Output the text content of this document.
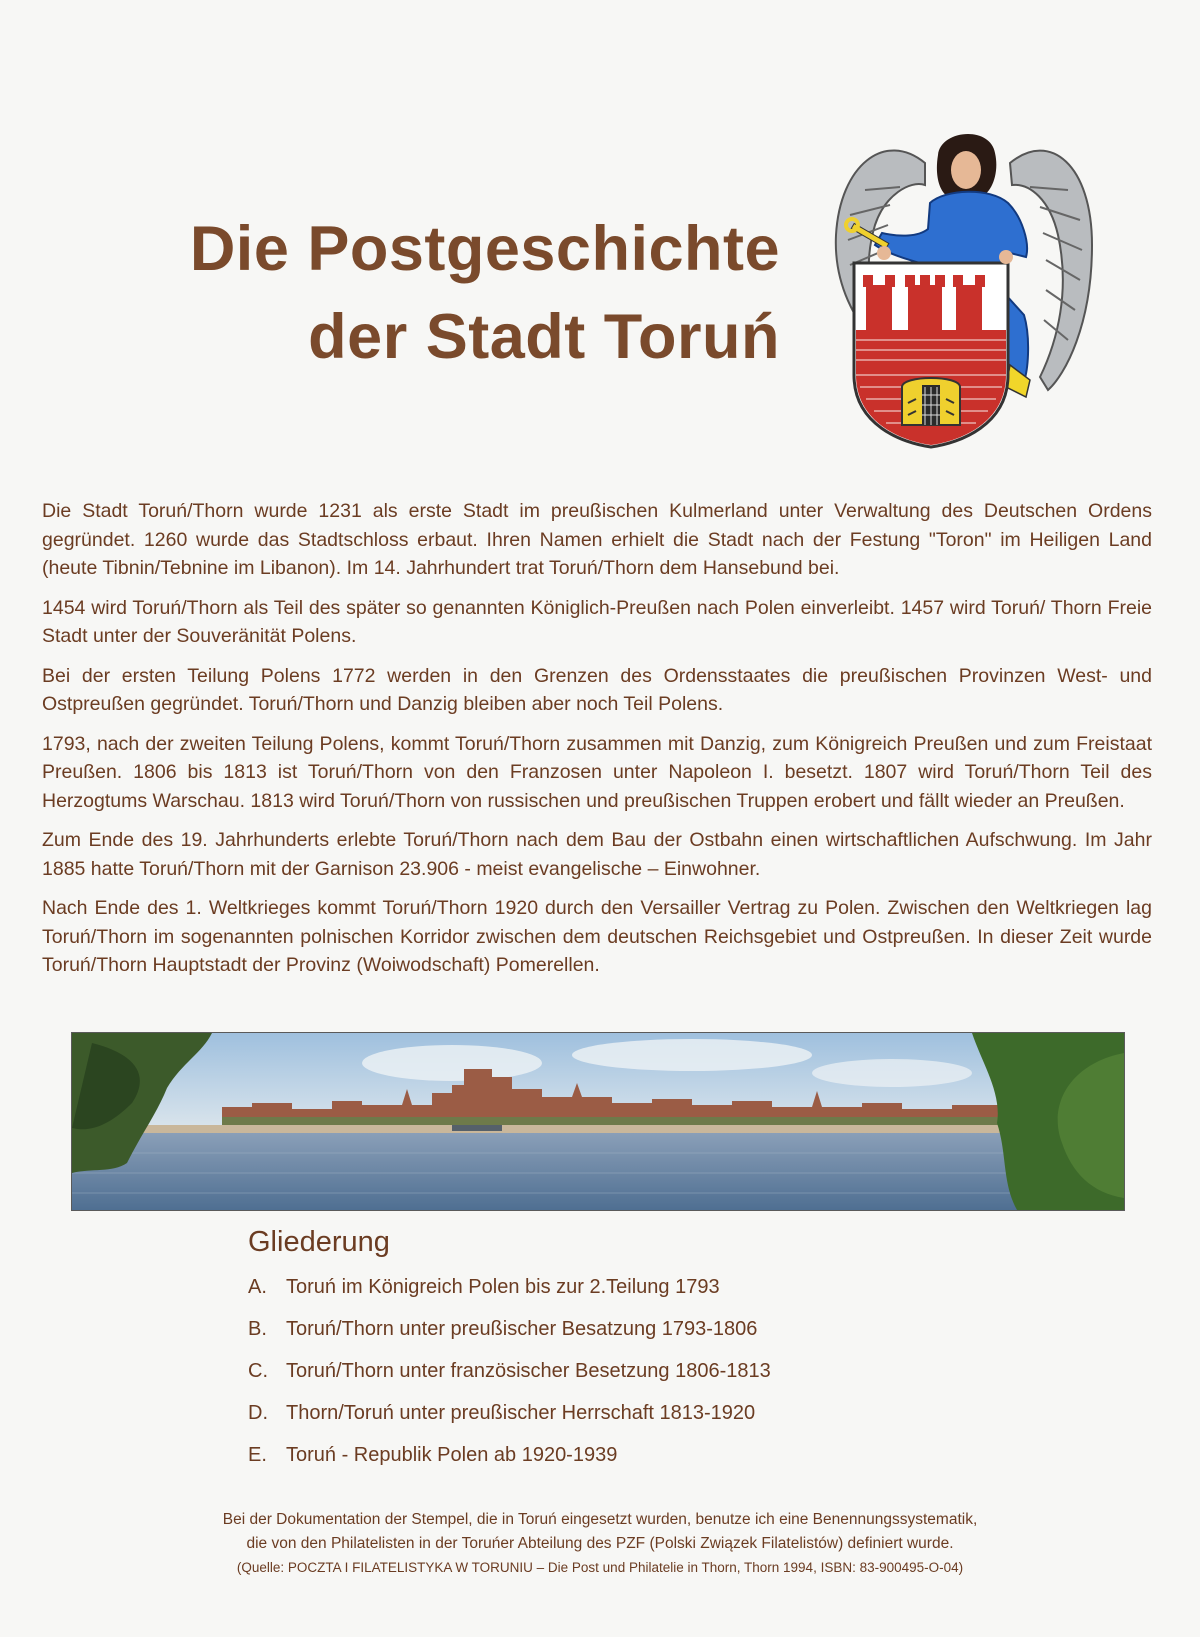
Die Postgeschichte
der Stadt Toruń

Die Stadt Toruń/Thorn wurde 1231 als erste Stadt im preußischen Kulmerland unter Verwaltung des Deutschen Ordens gegründet. 1260 wurde das Stadtschloss erbaut. Ihren Namen erhielt die Stadt nach der Festung "Toron" im Heiligen Land (heute Tibnin/Tebnine im Libanon). Im 14. Jahrhundert trat Toruń/Thorn dem Hansebund bei.

1454 wird Toruń/Thorn als Teil des später so genannten Königlich-Preußen nach Polen einverleibt. 1457 wird Toruń/ Thorn Freie Stadt unter der Souveränität Polens.

Bei der ersten Teilung Polens 1772 werden in den Grenzen des Ordensstaates die preußischen Provinzen West- und Ostpreußen gegründet. Toruń/Thorn und Danzig bleiben aber noch Teil Polens.

1793, nach der zweiten Teilung Polens, kommt Toruń/Thorn zusammen mit Danzig, zum Königreich Preußen und zum Freistaat Preußen. 1806 bis 1813 ist Toruń/Thorn von den Franzosen unter Napoleon I. besetzt. 1807 wird Toruń/Thorn Teil des Herzogtums Warschau. 1813 wird Toruń/Thorn von russischen und preußischen Truppen erobert und fällt wieder an Preußen.

Zum Ende des 19. Jahrhunderts erlebte Toruń/Thorn nach dem Bau der Ostbahn einen wirtschaftlichen Aufschwung. Im Jahr 1885 hatte Toruń/Thorn mit der Garnison 23.906 - meist evangelische – Einwohner.

Nach Ende des 1. Weltkrieges kommt Toruń/Thorn 1920 durch den Versailler Vertrag zu Polen. Zwischen den Weltkriegen lag Toruń/Thorn im sogenannten polnischen Korridor zwischen dem deutschen Reichsgebiet und Ostpreußen. In dieser Zeit wurde Toruń/Thorn Hauptstadt der Provinz (Woiwodschaft) Pomerellen.

Gliederung
A. Toruń im Königreich Polen bis zur 2.Teilung 1793
B. Toruń/Thorn unter preußischer Besatzung 1793-1806
C. Toruń/Thorn unter französischer Besetzung 1806-1813
D. Thorn/Toruń unter preußischer Herrschaft 1813-1920
E. Toruń - Republik Polen ab 1920-1939
Bei der Dokumentation der Stempel, die in Toruń eingesetzt wurden, benutze ich eine Benennungssystematik,
die von den Philatelisten in der Toruńer Abteilung des PZF (Polski Związek Filatelistów) definiert wurde.
(Quelle: POCZTA I FILATELISTYKA W TORUNIU – Die Post und Philatelie in Thorn, Thorn 1994, ISBN: 83-900495-O-04)
